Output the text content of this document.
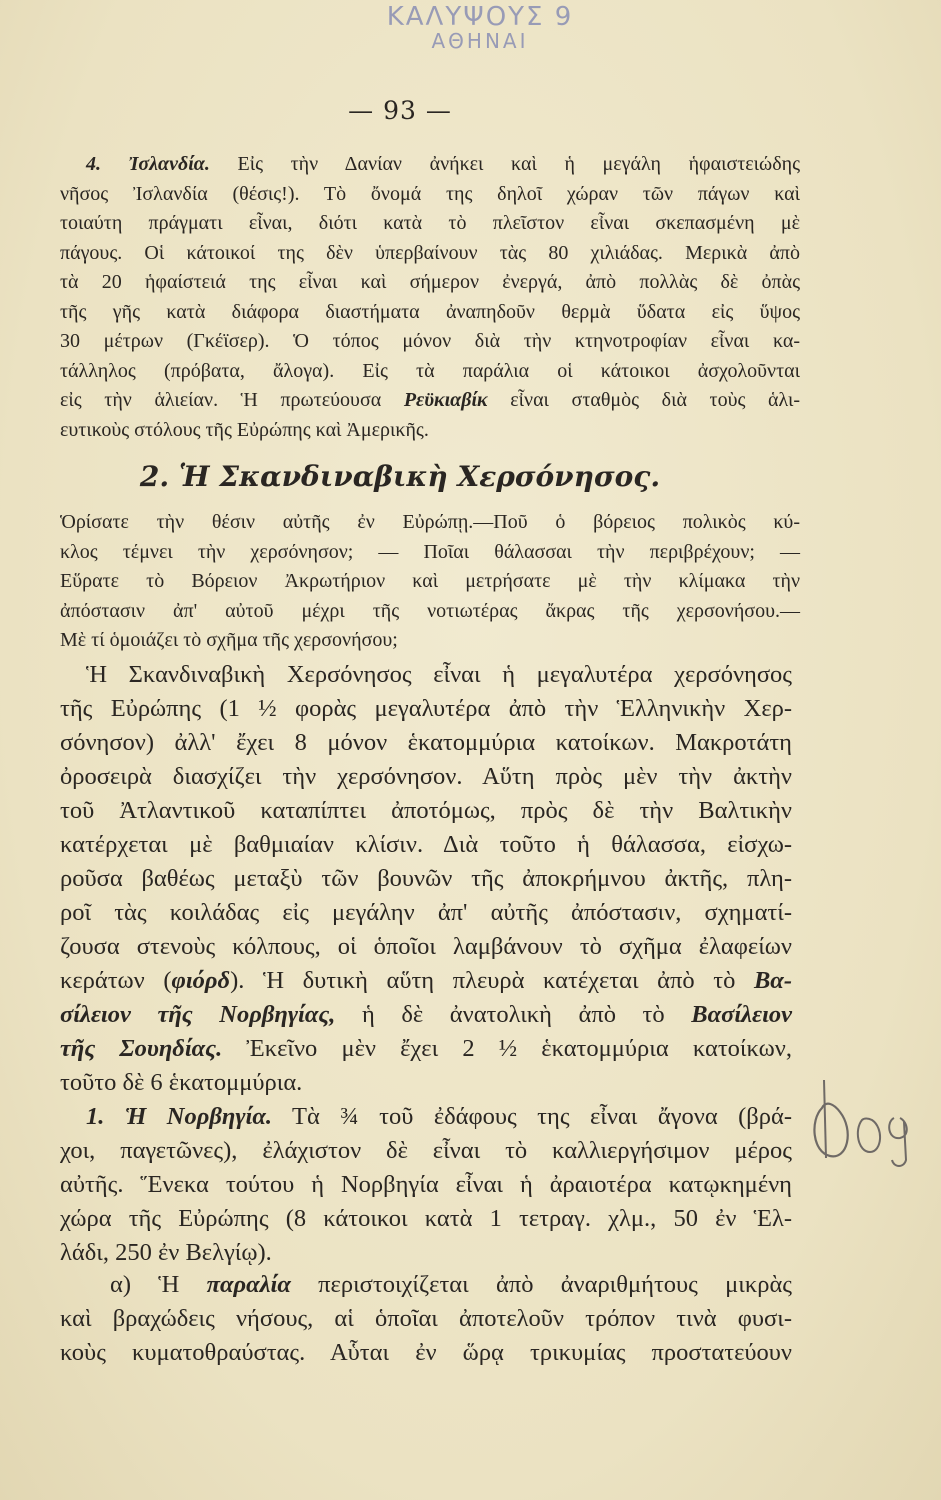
ΚΑΛΥΨΟΥΣ 9
ΑΘΗΝΑΙ
— 93 —
4. Ἰσλανδία. Εἰς τὴν Δανίαν ἀνήκει καὶ ἡ μεγάλη ἡφαιστειώδης
νῆσος Ἰσλανδία (θέσις!). Τὸ ὄνομά της δηλοῖ χώραν τῶν πάγων καὶ
τοιαύτη πράγματι εἶναι, διότι κατὰ τὸ πλεῖστον εἶναι σκεπασμένη μὲ
πάγους. Οἱ κάτοικοί της δὲν ὑπερβαίνουν τὰς 80 χιλιάδας. Μερικὰ ἀπὸ
τὰ 20 ἡφαίστειά της εἶναι καὶ σήμερον ἐνεργά, ἀπὸ πολλὰς δὲ ὀπὰς
τῆς γῆς κατὰ διάφορα διαστήματα ἀναπηδοῦν θερμὰ ὕδατα εἰς ὕψος
30 μέτρων (Γκέϊσερ). Ὁ τόπος μόνον διὰ τὴν κτηνοτροφίαν εἶναι κα-
τάλληλος (πρόβατα, ἄλογα). Εἰς τὰ παράλια οἱ κάτοικοι ἀσχολοῦνται
εἰς τὴν ἁλιείαν. Ἡ πρωτεύουσα Ρεϋκιαβίκ εἶναι σταθμὸς διὰ τοὺς ἁλι-
ευτικοὺς στόλους τῆς Εὐρώπης καὶ Ἀμερικῆς.
2. Ἡ Σκανδιναβικὴ Χερσόνησος.
Ὁρίσατε τὴν θέσιν αὐτῆς ἐν Εὐρώπῃ.—Ποῦ ὁ βόρειος πολικὸς κύ-
κλος τέμνει τὴν χερσόνησον; — Ποῖαι θάλασσαι τὴν περιβρέχουν; —
Εὕρατε τὸ Βόρειον Ἀκρωτήριον καὶ μετρήσατε μὲ τὴν κλίμακα τὴν
ἀπόστασιν ἀπ' αὐτοῦ μέχρι τῆς νοτιωτέρας ἄκρας τῆς χερσονήσου.—
Μὲ τί ὁμοιάζει τὸ σχῆμα τῆς χερσονήσου;
Ἡ Σκανδιναβικὴ Χερσόνησος εἶναι ἡ μεγαλυτέρα χερσόνησος
τῆς Εὐρώπης (1 ½ φορὰς μεγαλυτέρα ἀπὸ τὴν Ἑλληνικὴν Χερ-
σόνησον) ἀλλ' ἔχει 8 μόνον ἑκατομμύρια κατοίκων. Μακροτάτη
ὀροσειρὰ διασχίζει τὴν χερσόνησον. Αὕτη πρὸς μὲν τὴν ἀκτὴν
τοῦ Ἀτλαντικοῦ καταπίπτει ἀποτόμως, πρὸς δὲ τὴν Βαλτικὴν
κατέρχεται μὲ βαθμιαίαν κλίσιν. Διὰ τοῦτο ἡ θάλασσα, εἰσχω-
ροῦσα βαθέως μεταξὺ τῶν βουνῶν τῆς ἀποκρήμνου ἀκτῆς, πλη-
ροῖ τὰς κοιλάδας εἰς μεγάλην ἀπ' αὐτῆς ἀπόστασιν, σχηματί-
ζουσα στενοὺς κόλπους, οἱ ὁποῖοι λαμβάνουν τὸ σχῆμα ἐλαφείων
κεράτων (φιόρδ). Ἡ δυτικὴ αὕτη πλευρὰ κατέχεται ἀπὸ τὸ Βα-
σίλειον τῆς Νορβηγίας, ἡ δὲ ἀνατολικὴ ἀπὸ τὸ Βασίλειον
τῆς Σουηδίας. Ἐκεῖνο μὲν ἔχει 2 ½ ἑκατομμύρια κατοίκων,
τοῦτο δὲ 6 ἑκατομμύρια.
1. Ἡ Νορβηγία. Τὰ ¾ τοῦ ἐδάφους της εἶναι ἄγονα (βρά-
χοι, παγετῶνες), ἐλάχιστον δὲ εἶναι τὸ καλλιεργήσιμον μέρος
αὐτῆς. Ἕνεκα τούτου ἡ Νορβηγία εἶναι ἡ ἀραιοτέρα κατῳκημένη
χώρα τῆς Εὐρώπης (8 κάτοικοι κατὰ 1 τετραγ. χλμ., 50 ἐν Ἑλ-
λάδι, 250 ἐν Βελγίῳ).
α) Ἡ παραλία περιστοιχίζεται ἀπὸ ἀναριθμήτους μικρὰς
καὶ βραχώδεις νήσους, αἱ ὁποῖαι ἀποτελοῦν τρόπον τινὰ φυσι-
κοὺς κυματοθραύστας. Αὗται ἐν ὥρᾳ τρικυμίας προστατεύουν
